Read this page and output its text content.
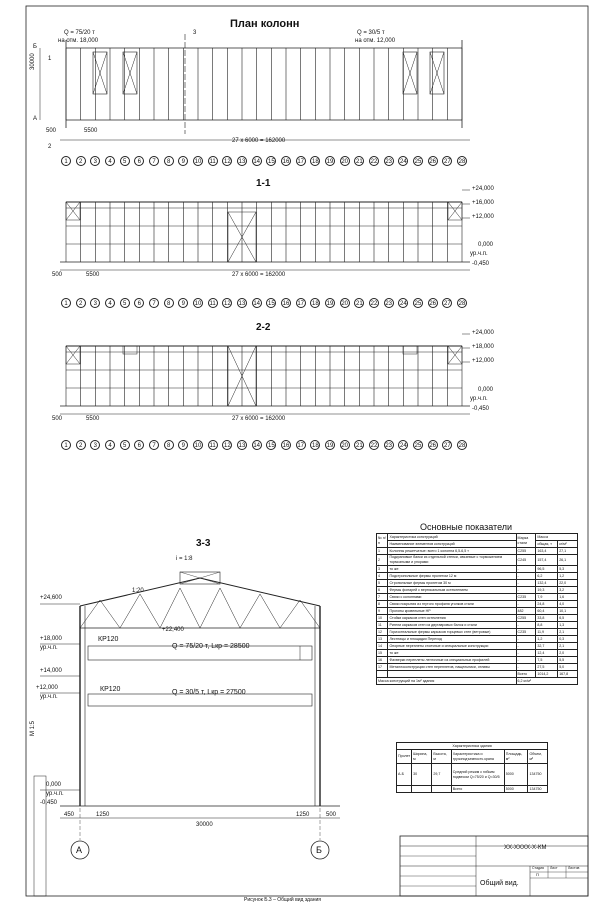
План колонн
Q = 75/20 т
на отм. 18,000
Q = 30/5 т
на отм. 12,000
30000
Б
А
500	5500
27 x 6000 = 162000
3
1
2
1	2	3	4	5	6	7	8	9	10	11	12 13 14 15 16 17 18 19 20 21 22 23 24 25 26 27 28
1	2	3	4	5	6	7	8	9	10	11	12 13 14 15 16 17 18 19 20 21 22 23 24 25 26 27 28
1	2	3	4	5	6	7	8	9	10	11	12 13 14 15 16 17 18 19 20 21 22 23 24 25 26 27 28
1-1	+24,000
+16,000
+12,000
0,000
ур.ч.п.
-0,450
500	5500	27 x 6000 = 162000
2-2	+24,000
+18,000
+12,000
0,000
ур.ч.п.
-0,450
500	5500	27 x 6000 = 162000
3-3
i = 1:8
1:20
+24,600
+22,400
+18,000
ур.ч.п.
+14,000
+12,000
ур.ч.п.
0,000
ур.ч.п.
-0,450
КР120
Q = 75/20 т, Lкр = 28500
КР120	Q = 30/5 т, Lкр = 27500
М 1:5
450	1250
30000
1250	500
А	Б
Основные показатели
№ п/п	Характеристика конструкций	Марка стали	Масса	
	Наименование элементов конструкций		общая, т	кг/м²
1	Колонны решетчатые: всего 1 колонна 6,5-6,5 т	С255	163,4	27,1
2	Подкрановые балки из отдельной стенки, связевые с торможением тормозными и упорами	С245	157,4	26,1
3	то же	-	96,5	5,3
4	Подстропильные фермы пролетом 12 м	-	6,2	1,2
5	Стропильные фермы пролетом 30 м	-	132,4	22,0
6	Фермы фонарей с вертикальным остеклением	-	19,3	3,2
7	Связи с колоннами	С235	7,9	1,6
8	Связи покрытия из гнутого профиля уголков стали	-	24,8	4,0
9	Прогоны кровельные НР	482	60,4	10,1
10	Стойки каркасов стен остекления	С255	33,8	6,5
11	Ригели каркасов стен из двутавровых балок и стали	-	8,8	1,3
12	Горизонтальные фермы каркасов торцевых стен (ветровые)	С235	11,9	2,1
13	Лестницы и площадки Переход	-	1,2	0,3
14	Опорные переплеты стоечные и специальные конструкции	-	32,7	2,1
15	то же	-	12,4	2,0
16	Фахверки переплеты ленточные из специальных профилей	-	7,5	5,5
17	Металлоконструкции стен переплетов, нащельники, отливы	-	27,5	5,0
		Всего	1014,2	167,8
Масса конструкций на 1м² здания		6,2 кг/м²		
Характеристика здания					
Пролет	Ширина, м	Высота, м	Характеристика и грузоподъемность крана	Площадь, м²	Объем, м³
А-Б	30	29,7	Средний режим с гибким подвесом Q=75/20 и Q=30/5	5000	134750
			Всего	5000	134750
ХХ-ХХХХ-Х-КМ
Общий вид.
Стадия Лист	Листов
П
Рисунок Б.3 – Общий вид здания
